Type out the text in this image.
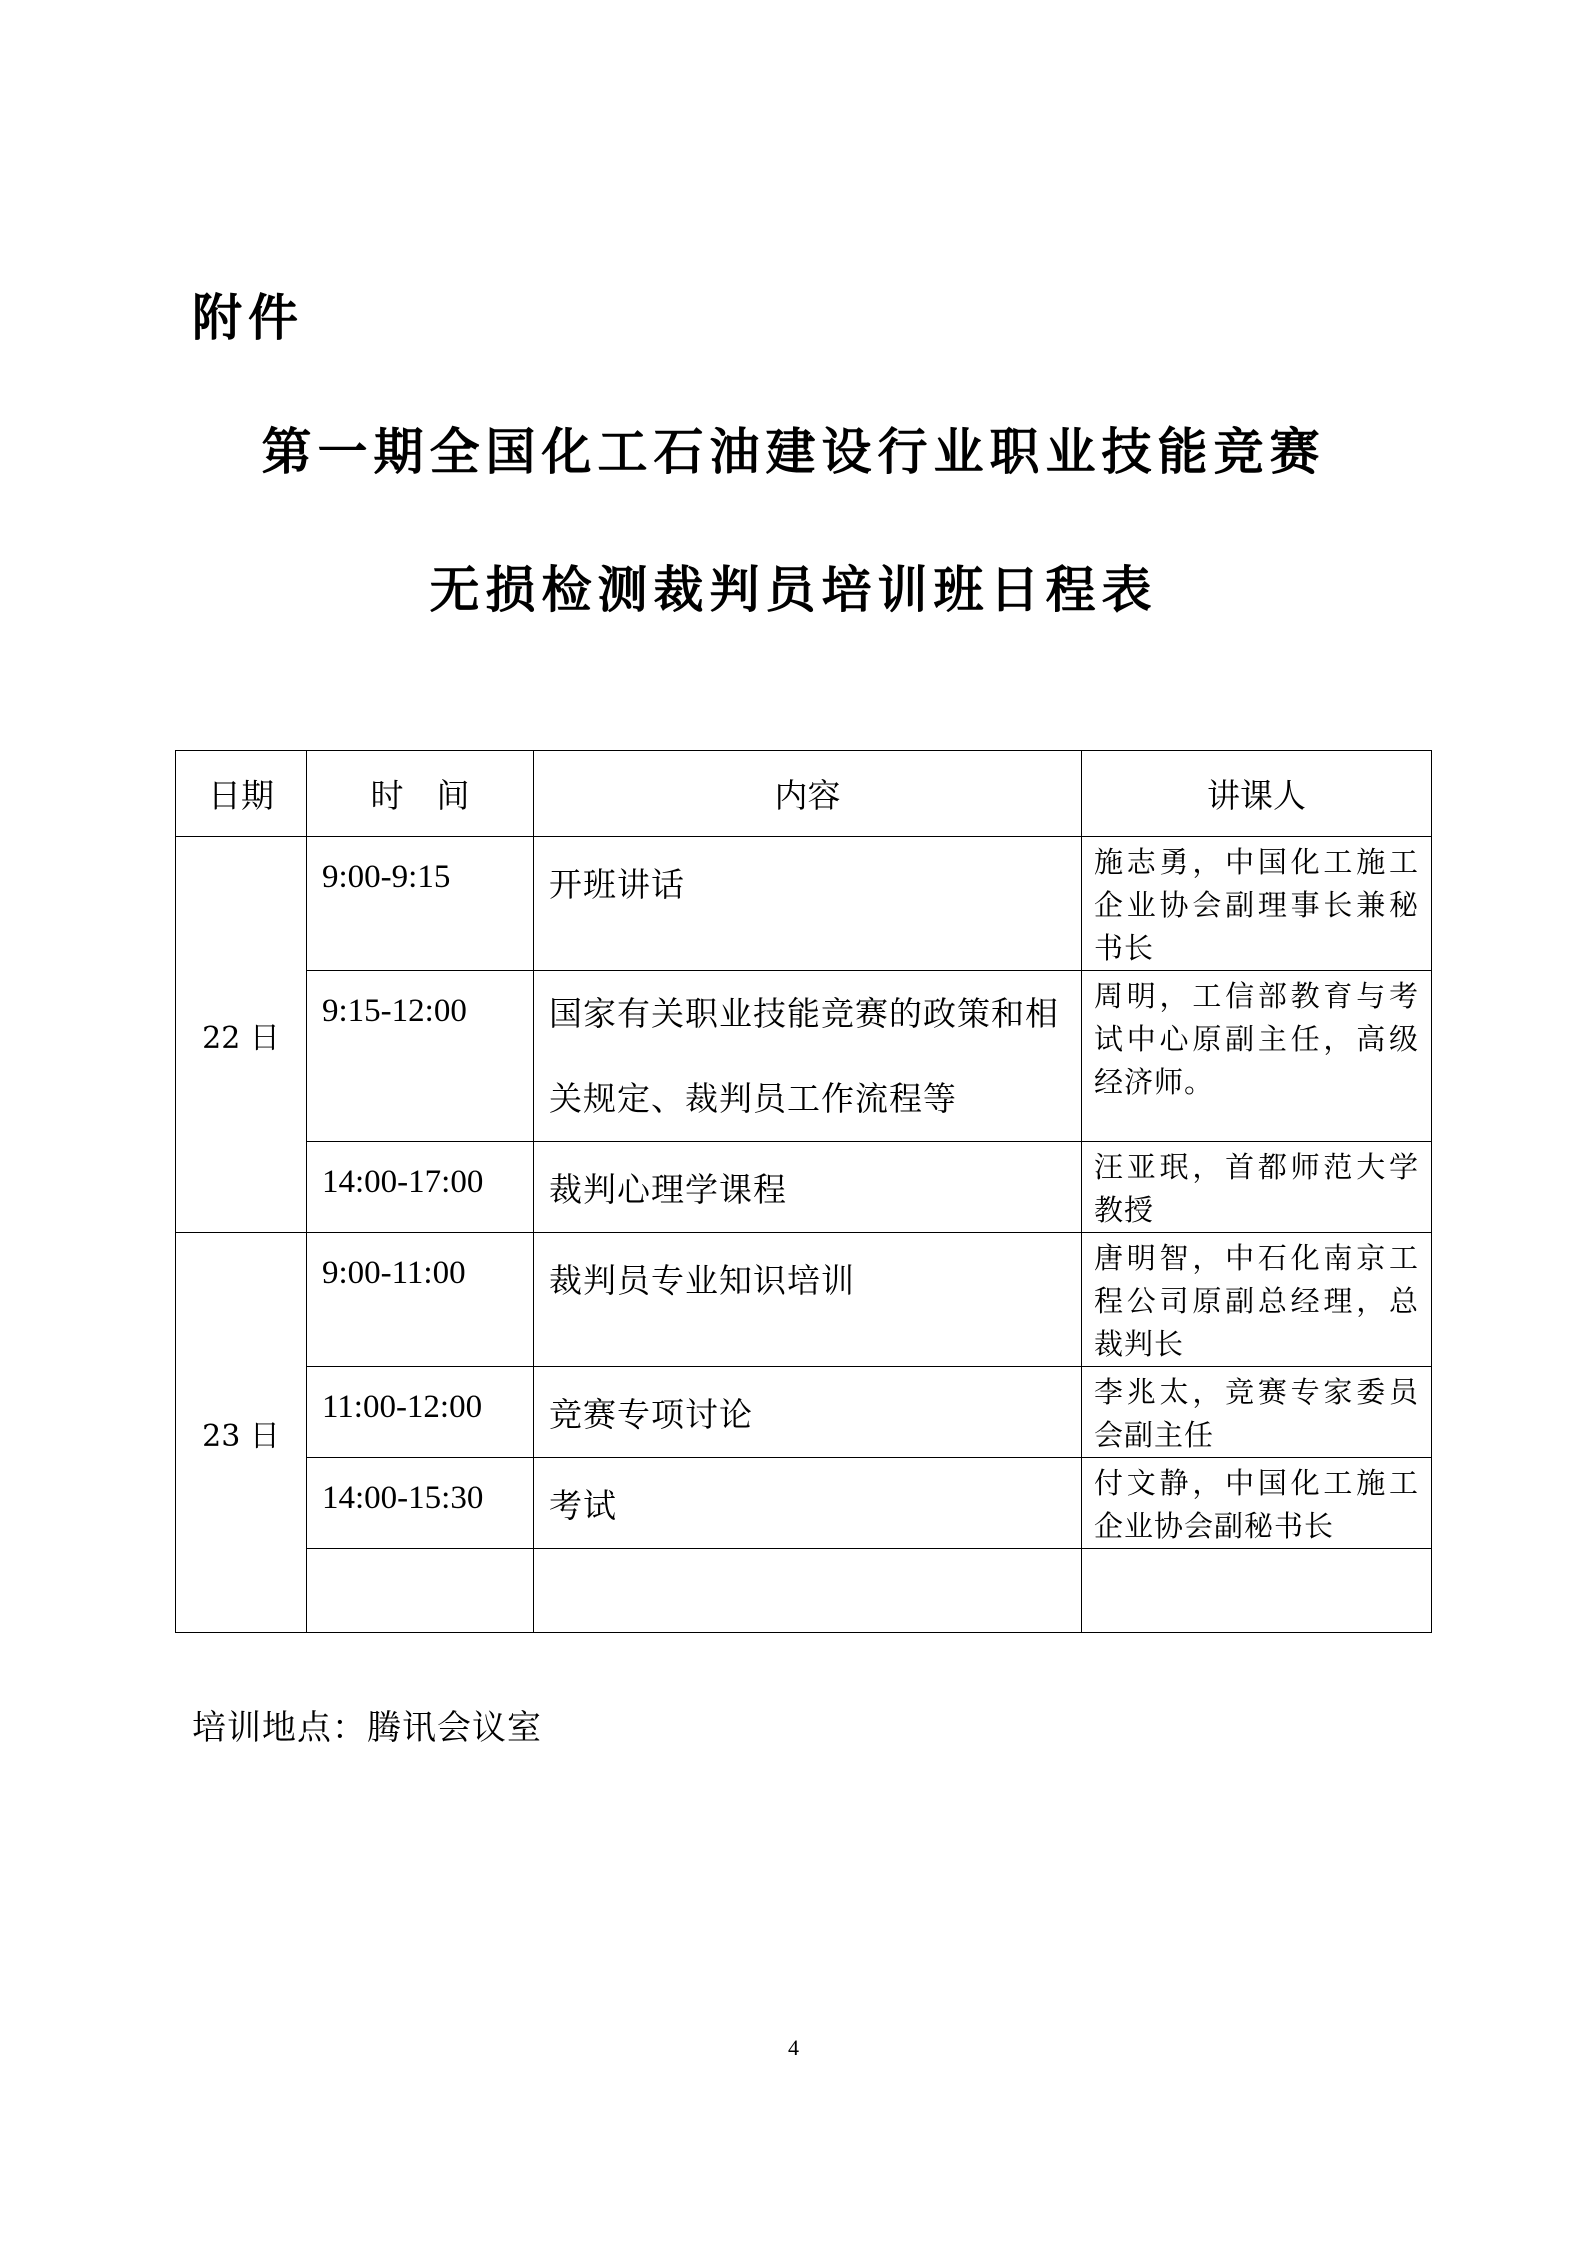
附件
第一期全国化工石油建设行业职业技能竞赛
无损检测裁判员培训班日程表
日期	时　间	内容	讲课人
22 日	9:00-9:15	开班讲话	施志勇，中国化工施工企业协会副理事长兼秘书长
	9:15-12:00	国家有关职业技能竞赛的政策和相关规定、裁判员工作流程等	周明，工信部教育与考试中心原副主任，高级经济师。
	14:00-17:00	裁判心理学课程	汪亚珉，首都师范大学教授
23 日	9:00-11:00	裁判员专业知识培训	唐明智，中石化南京工程公司原副总经理，总裁判长
	11:00-12:00	竞赛专项讨论	李兆太，竞赛专家委员会副主任
	14:00-15:30	考试	付文静，中国化工施工企业协会副秘书长

培训地点：腾讯会议室
4
